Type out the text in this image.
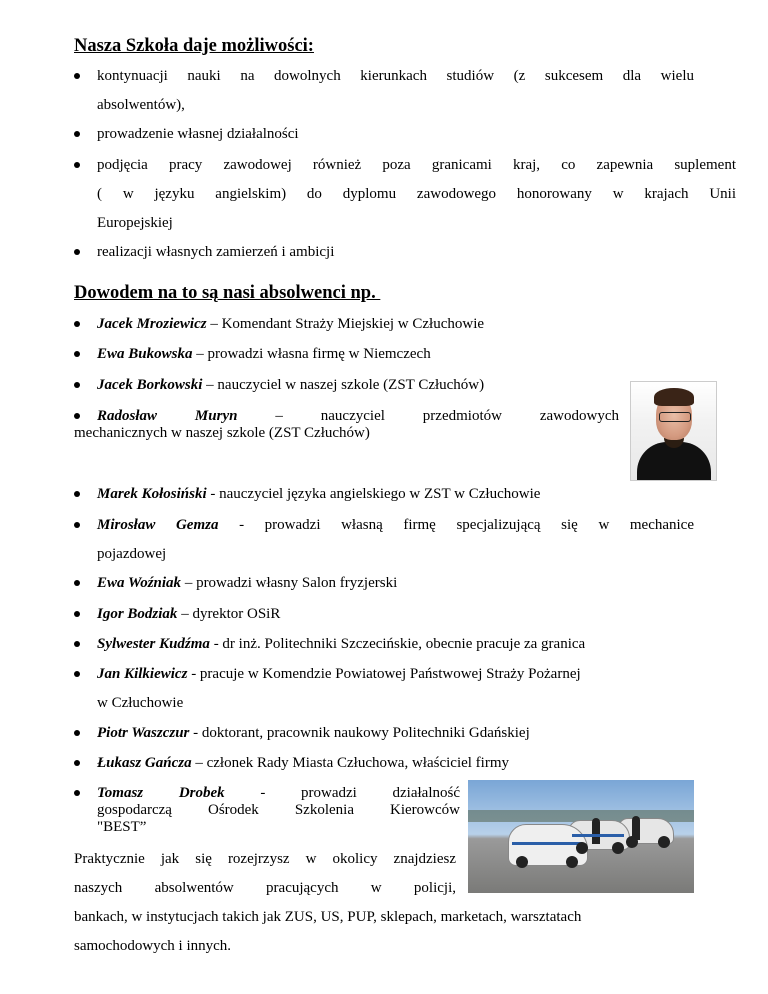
Nasza Szkoła daje możliwości:
kontynuacji nauki na dowolnych kierunkach studiów (z sukcesem dla wielu
absolwentów),
prowadzenie własnej działalności
podjęcia pracy zawodowej również poza granicami kraj, co zapewnia suplement
( w języku angielskim) do dyplomu zawodowego honorowany w krajach Unii
Europejskiej
realizacji własnych zamierzeń i ambicji
Dowodem na to są nasi absolwenci np.
Jacek Mroziewicz – Komendant Straży Miejskiej w Człuchowie
Ewa Bukowska – prowadzi własna firmę w Niemczech
Jacek Borkowski – nauczyciel w naszej szkole (ZST Człuchów)
Radosław Muryn – nauczyciel przedmiotów zawodowych
mechanicznych w naszej szkole (ZST Człuchów)
Marek Kołosiński - nauczyciel języka angielskiego w ZST w Człuchowie
Mirosław Gemza - prowadzi własną firmę specjalizującą się w mechanice
pojazdowej
Ewa Woźniak – prowadzi własny Salon fryzjerski
Igor Bodziak – dyrektor OSiR
Sylwester Kudźma - dr inż. Politechniki Szczecińskie, obecnie pracuje za granica
Jan Kilkiewicz - pracuje w Komendzie Powiatowej Państwowej Straży Pożarnej
w Człuchowie
Piotr Waszczur - doktorant, pracownik naukowy Politechniki Gdańskiej
Łukasz Gańcza – członek Rady Miasta Człuchowa, właściciel firmy
Tomasz Drobek - prowadzi działalność
gospodarczą Ośrodek Szkolenia Kierowców
"BEST”
Praktycznie jak się rozejrzysz w okolicy znajdziesz
naszych absolwentów pracujących w policji,
bankach, w instytucjach takich jak ZUS, US, PUP, sklepach, marketach, warsztatach
samochodowych i innych.
